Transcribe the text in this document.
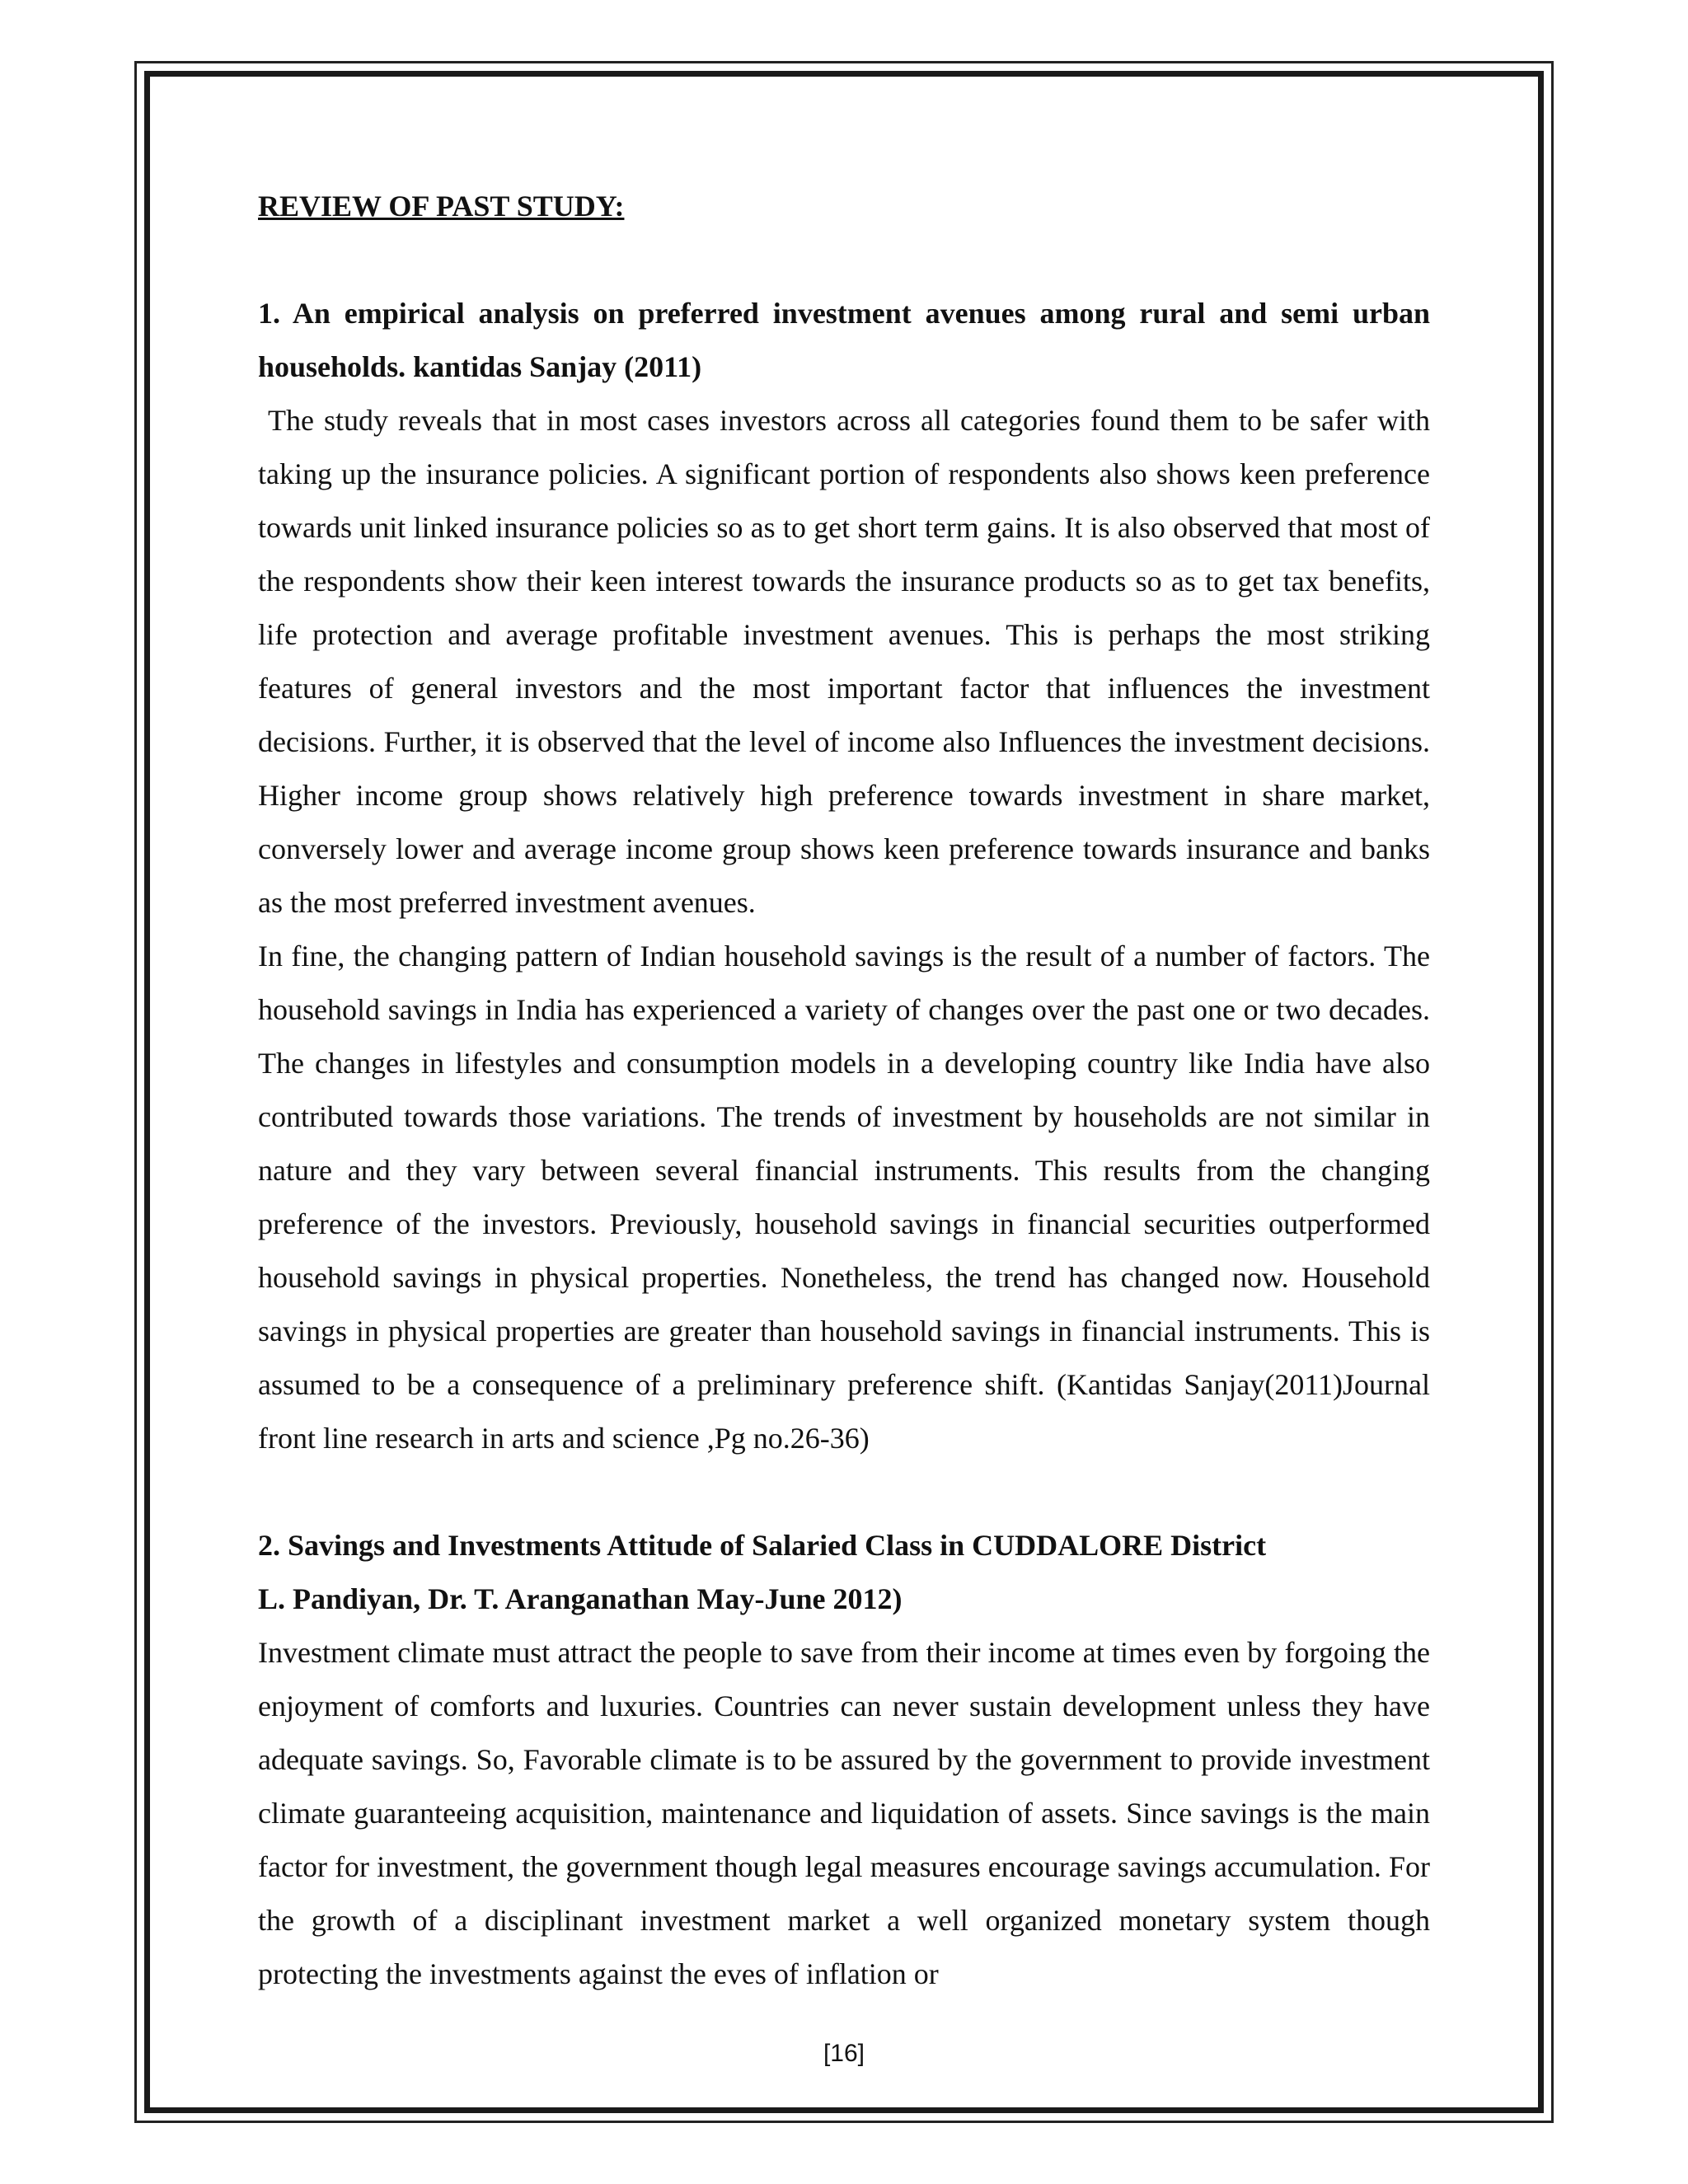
REVIEW OF PAST STUDY:
1. An empirical analysis on preferred investment avenues among rural and semi urban households. kantidas Sanjay (2011)

The study reveals that in most cases investors across all categories found them to be safer with taking up the insurance policies. A significant portion of respondents also shows keen preference towards unit linked insurance policies so as to get short term gains. It is also observed that most of the respondents show their keen interest towards the insurance products so as to get tax benefits, life protection and average profitable investment avenues. This is perhaps the most striking features of general investors and the most important factor that influences the investment decisions. Further, it is observed that the level of income also Influences the investment decisions. Higher income group shows relatively high preference towards investment in share market, conversely lower and average income group shows keen preference towards insurance and banks as the most preferred investment avenues.

In fine, the changing pattern of Indian household savings is the result of a number of factors. The household savings in India has experienced a variety of changes over the past one or two decades. The changes in lifestyles and consumption models in a developing country like India have also contributed towards those variations. The trends of investment by households are not similar in nature and they vary between several financial instruments. This results from the changing preference of the investors. Previously, household savings in financial securities outperformed household savings in physical properties. Nonetheless, the trend has changed now. Household savings in physical properties are greater than household savings in financial instruments. This is assumed to be a consequence of a preliminary preference shift. (Kantidas Sanjay(2011)Journal front line research in arts and science ,Pg no.26-36)

2. Savings and Investments Attitude of Salaried Class in CUDDALORE District
L. Pandiyan, Dr. T. Aranganathan May-June 2012)

Investment climate must attract the people to save from their income at times even by forgoing the enjoyment of comforts and luxuries. Countries can never sustain development unless they have adequate savings. So, Favorable climate is to be assured by the government to provide investment climate guaranteeing acquisition, maintenance and liquidation of assets. Since savings is the main factor for investment, the government though legal measures encourage savings accumulation. For the growth of a disciplinant investment market a well organized monetary system though protecting the investments against the eves of inflation or

[16]
